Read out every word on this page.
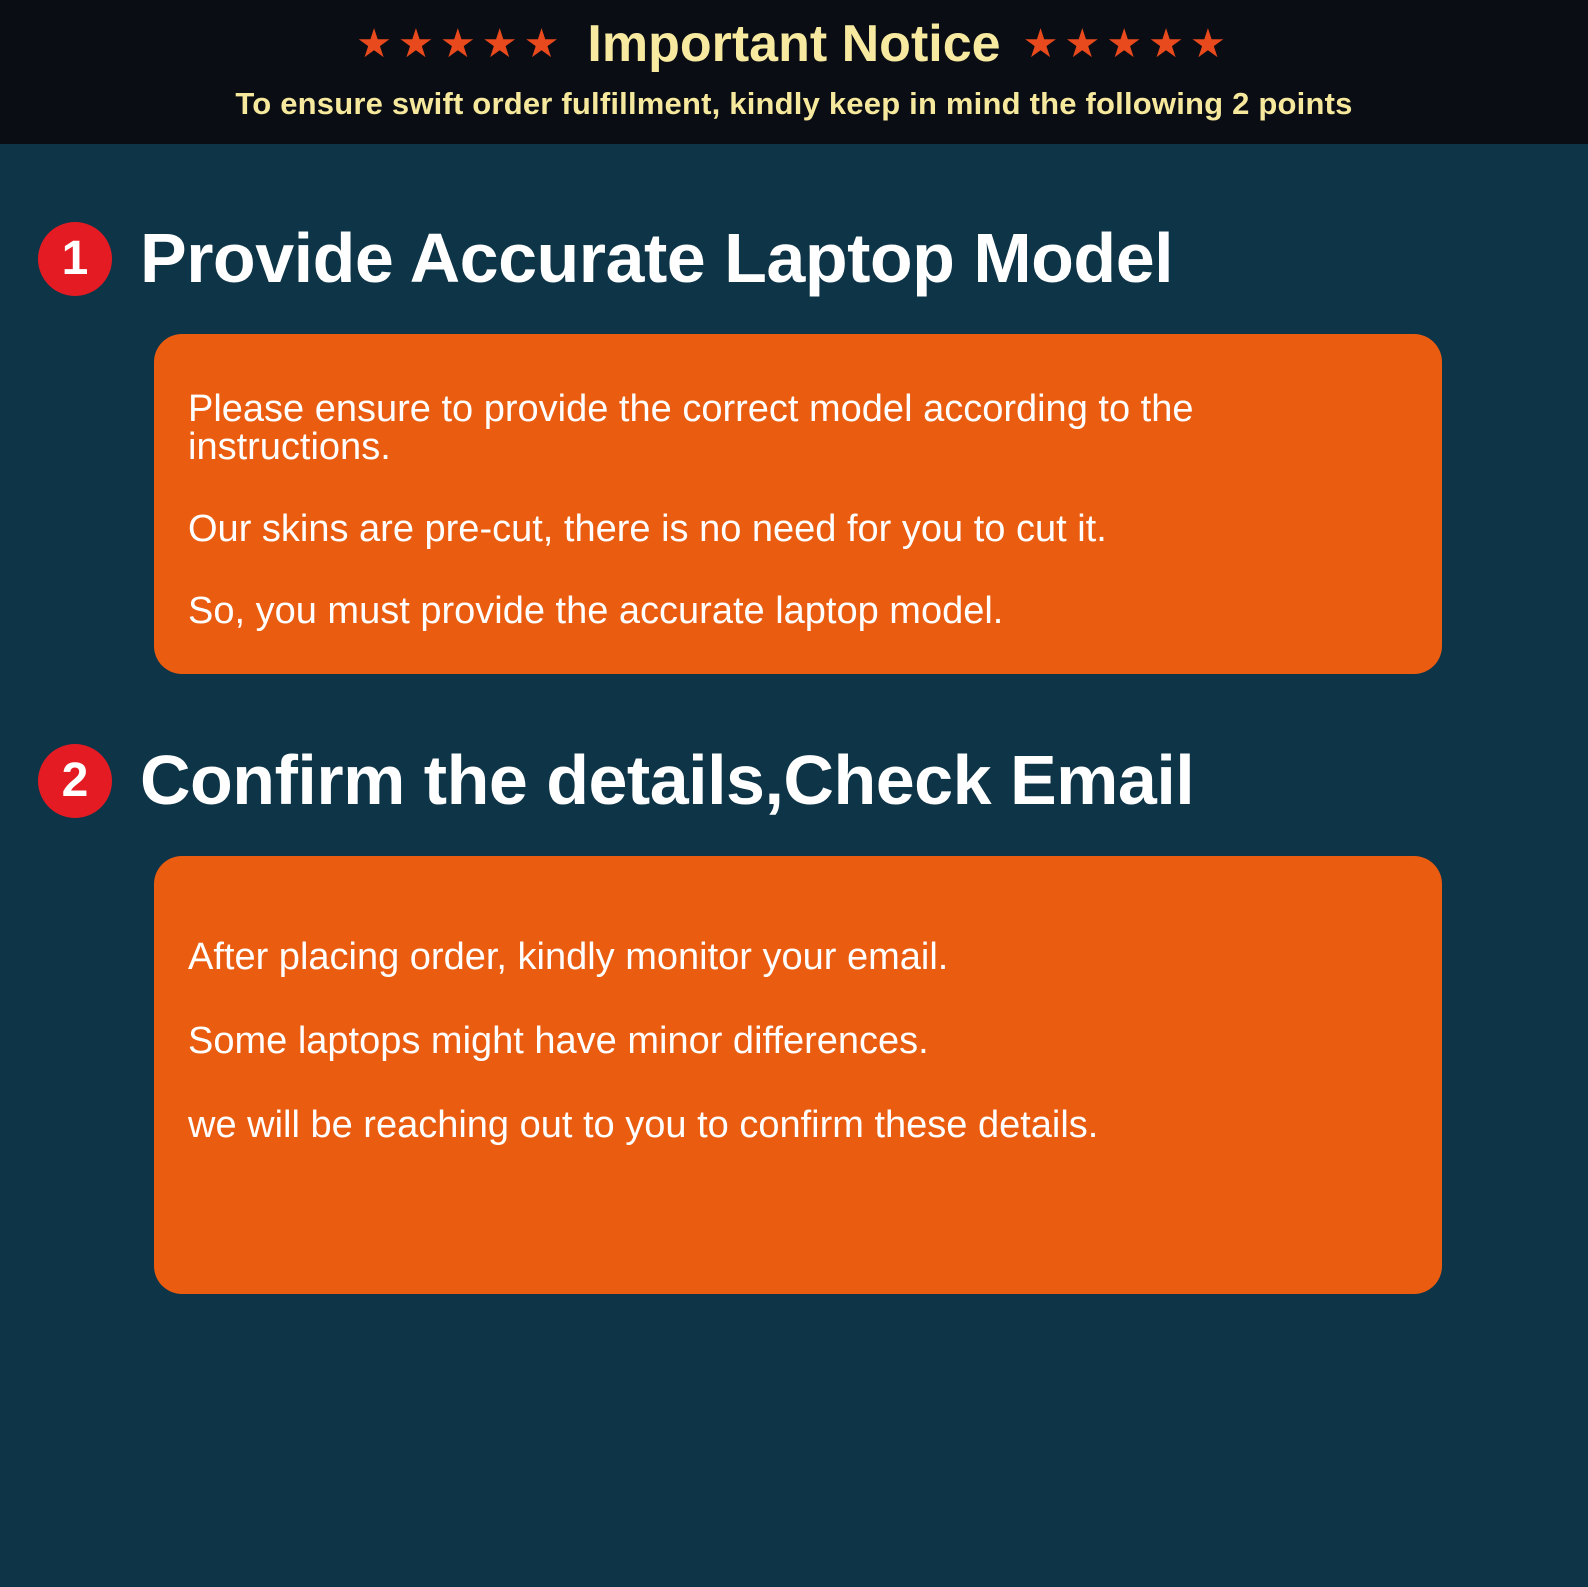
★★★★★ Important Notice ★★★★★
To ensure swift order fulfillment, kindly keep in mind the following 2 points
1 Provide Accurate Laptop Model

Please ensure to provide the correct model according to the instructions.

Our skins are pre-cut, there is no need for you to cut it.

So, you must provide the accurate laptop model.

2 Confirm the details,Check Email

After placing order, kindly monitor your email.

Some laptops might have minor differences.

we will be reaching out to you to confirm these details.
